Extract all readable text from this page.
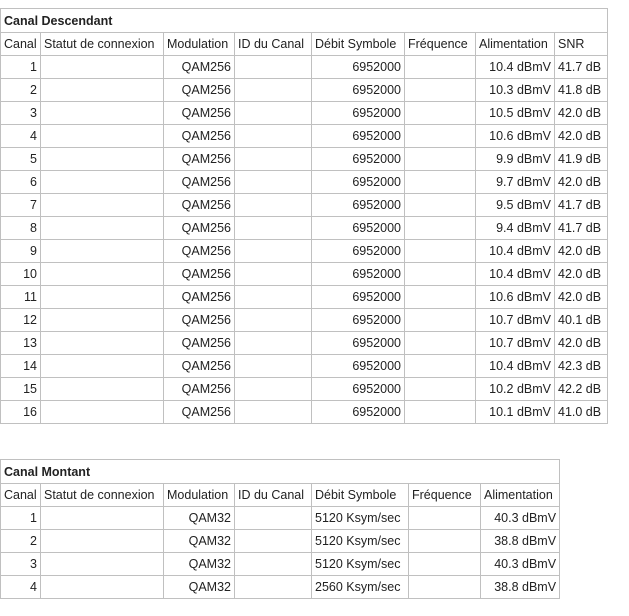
Canal Descendant							
Canal	Statut de connexion	Modulation	ID du Canal	Débit Symbole	Fréquence	Alimentation	SNR
1		QAM256		6952000		10.4 dBmV	41.7 dB
2		QAM256		6952000		10.3 dBmV	41.8 dB
3		QAM256		6952000		10.5 dBmV	42.0 dB
4		QAM256		6952000		10.6 dBmV	42.0 dB
5		QAM256		6952000		9.9 dBmV	41.9 dB
6		QAM256		6952000		9.7 dBmV	42.0 dB
7		QAM256		6952000		9.5 dBmV	41.7 dB
8		QAM256		6952000		9.4 dBmV	41.7 dB
9		QAM256		6952000		10.4 dBmV	42.0 dB
10		QAM256		6952000		10.4 dBmV	42.0 dB
11		QAM256		6952000		10.6 dBmV	42.0 dB
12		QAM256		6952000		10.7 dBmV	40.1 dB
13		QAM256		6952000		10.7 dBmV	42.0 dB
14		QAM256		6952000		10.4 dBmV	42.3 dB
15		QAM256		6952000		10.2 dBmV	42.2 dB
16		QAM256		6952000		10.1 dBmV	41.0 dB
Canal Montant						
Canal	Statut de connexion	Modulation	ID du Canal	Débit Symbole	Fréquence	Alimentation
1		QAM32		5120 Ksym/sec		40.3 dBmV
2		QAM32		5120 Ksym/sec		38.8 dBmV
3		QAM32		5120 Ksym/sec		40.3 dBmV
4		QAM32		2560 Ksym/sec		38.8 dBmV
